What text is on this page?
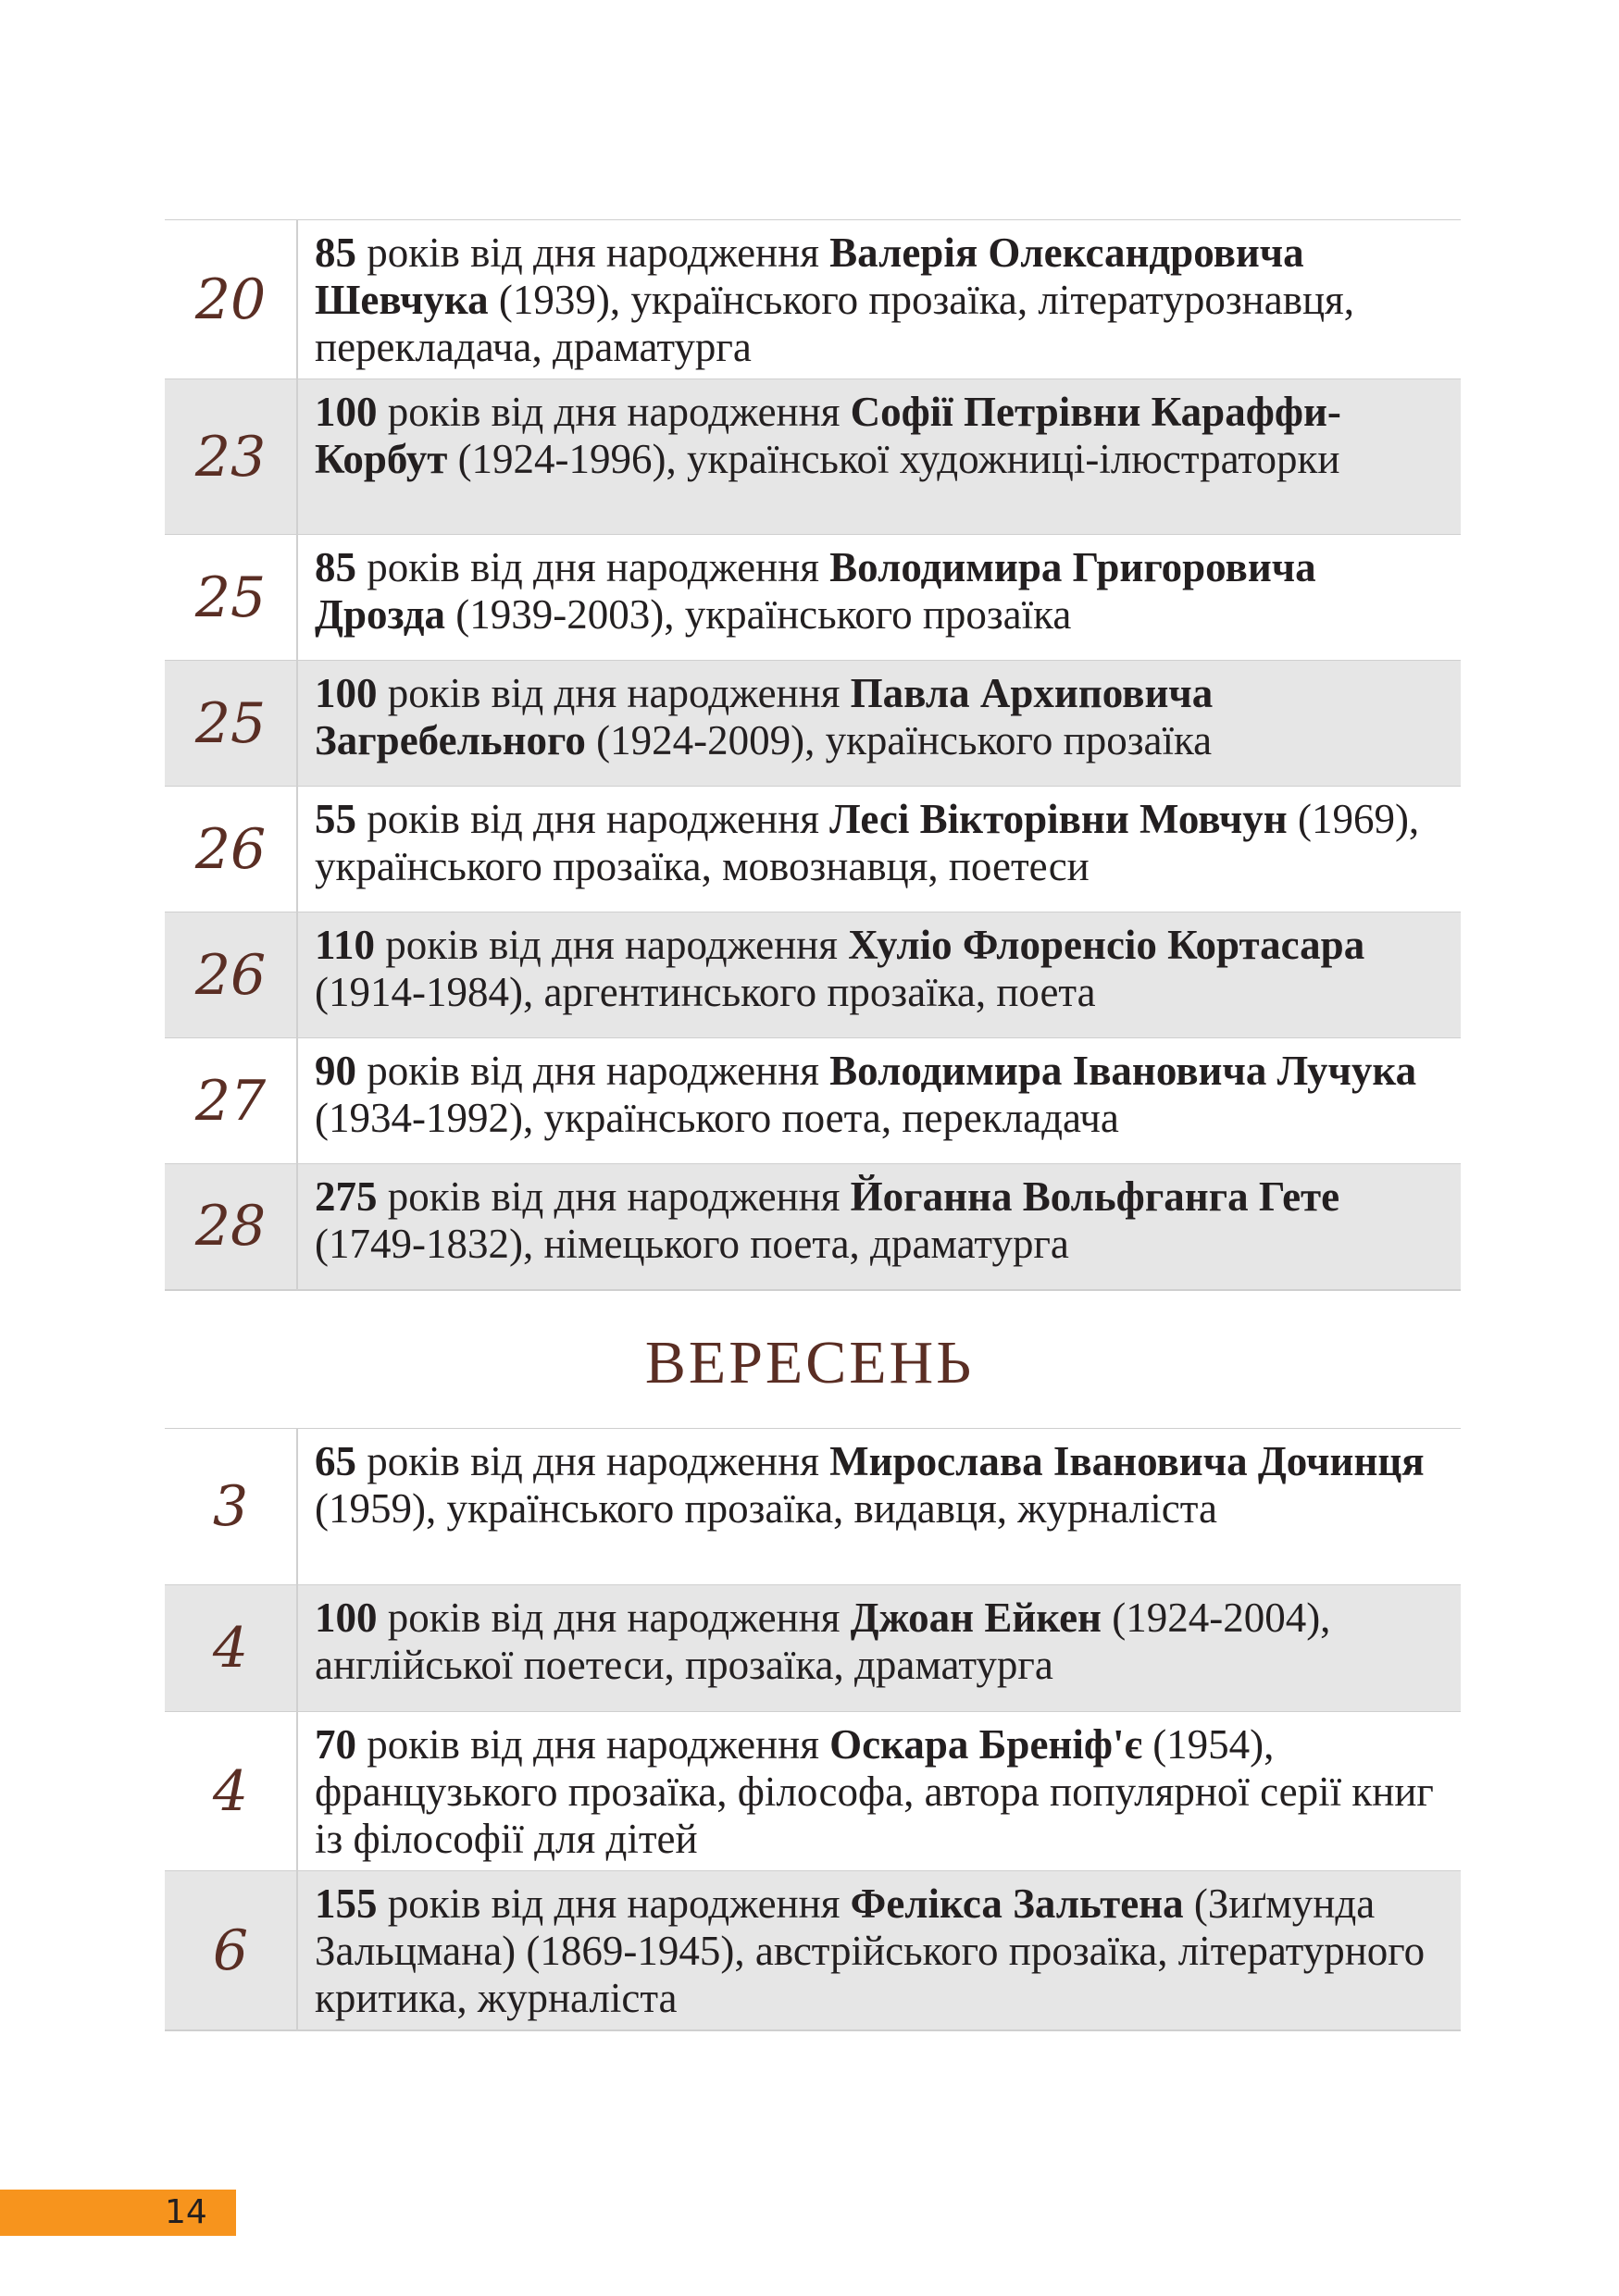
20	85 років від дня народження Валерія Олександровича Шевчука (1939), українського прозаїка, літературознавця, перекладача, драматурга
23	100 років від дня народження Софії Петрівни Караффи-Корбут (1924-1996), української художниці-ілюстраторки
25	85 років від дня народження Володимира Григоровича Дрозда (1939-2003), українського прозаїка
25	100 років від дня народження Павла Архиповича Загребельного (1924-2009), українського прозаїка
26	55 років від дня народження Лесі Вікторівни Мовчун (1969), українського прозаїка, мовознавця, поетеси
26	110 років від дня народження Хуліо Флоренсіо Кортасара (1914-1984), аргентинського прозаїка, поета
27	90 років від дня народження Володимира Івановича Лучука (1934-1992), українського поета, перекладача
28	275 років від дня народження Йоганна Вольфганга Гете (1749-1832), німецького поета, драматурга
ВЕРЕСЕНЬ
3	65 років від дня народження Мирослава Івановича Дочинця (1959), українського прозаїка, видавця, журналіста
4	100 років від дня народження Джоан Ейкен (1924-2004), англійської поетеси, прозаїка, драматурга
4	70 років від дня народження Оскара Бреніф'є (1954), французького прозаїка, філософа, автора популярної серії книг із філософії для дітей
6	155 років від дня народження Фелікса Зальтена (Зиґмунда Зальцмана) (1869-1945), австрійського прозаїка, літературного критика, журналіста
14
